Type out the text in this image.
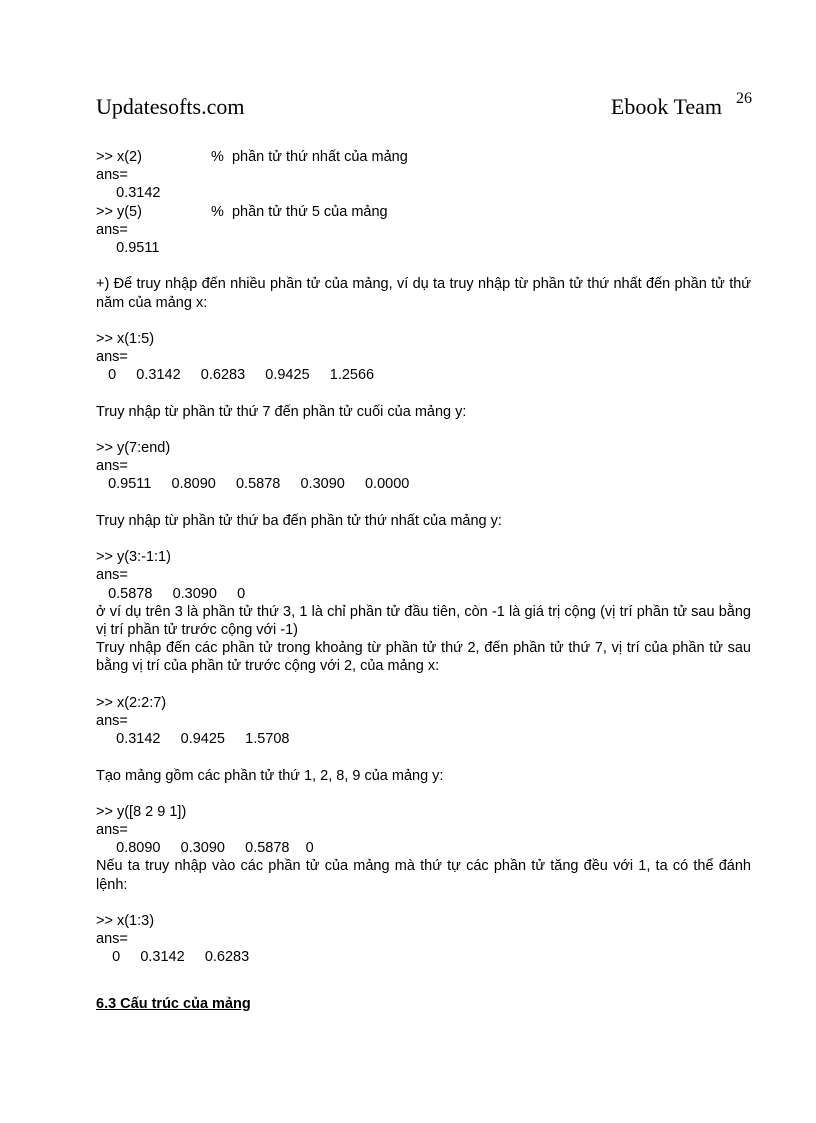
Updatesofts.com	Ebook Team 26
>> x(2)	%  phần tử thứ nhất của mảng
ans=
0.3142
>> y(5)	%  phần tử thứ 5 của mảng
ans=
0.9511
+) Để truy nhập đến nhiều phần tử của mảng, ví dụ ta truy nhập từ phần tử thứ nhất đến phần tử thứ năm của mảng x:
>> x(1:5)
ans=
0     0.3142     0.6283     0.9425     1.2566
Truy nhập từ phần tử thứ 7 đến phần tử cuối của mảng y:
>> y(7:end)
ans=
0.9511     0.8090     0.5878     0.3090     0.0000
Truy nhập từ phần tử thứ ba đến phần tử thứ nhất của mảng y:
>> y(3:-1:1)
ans=
0.5878     0.3090     0
ở ví dụ trên 3 là phần tử thứ 3, 1 là chỉ phần tử đầu tiên, còn -1 là giá trị cộng (vị trí phần tử sau bằng vị trí phần tử trước cộng với -1)
Truy nhập đến các phần tử trong khoảng từ phần tử thứ 2, đến phần tử thứ 7, vị trí của phần tử sau bằng vị trí của phần tử trước cộng với 2, của mảng x:
>> x(2:2:7)
ans=
0.3142     0.9425     1.5708
Tạo mảng gồm các phần tử thứ 1, 2, 8, 9 của mảng y:
>> y([8 2 9 1])
ans=
0.8090     0.3090     0.5878    0
Nếu ta truy nhập vào các phần tử của mảng mà thứ tự các phần tử tăng đều với 1, ta có thể đánh lệnh:
>> x(1:3)
ans=
0     0.3142     0.6283
6.3 Cấu trúc của mảng
